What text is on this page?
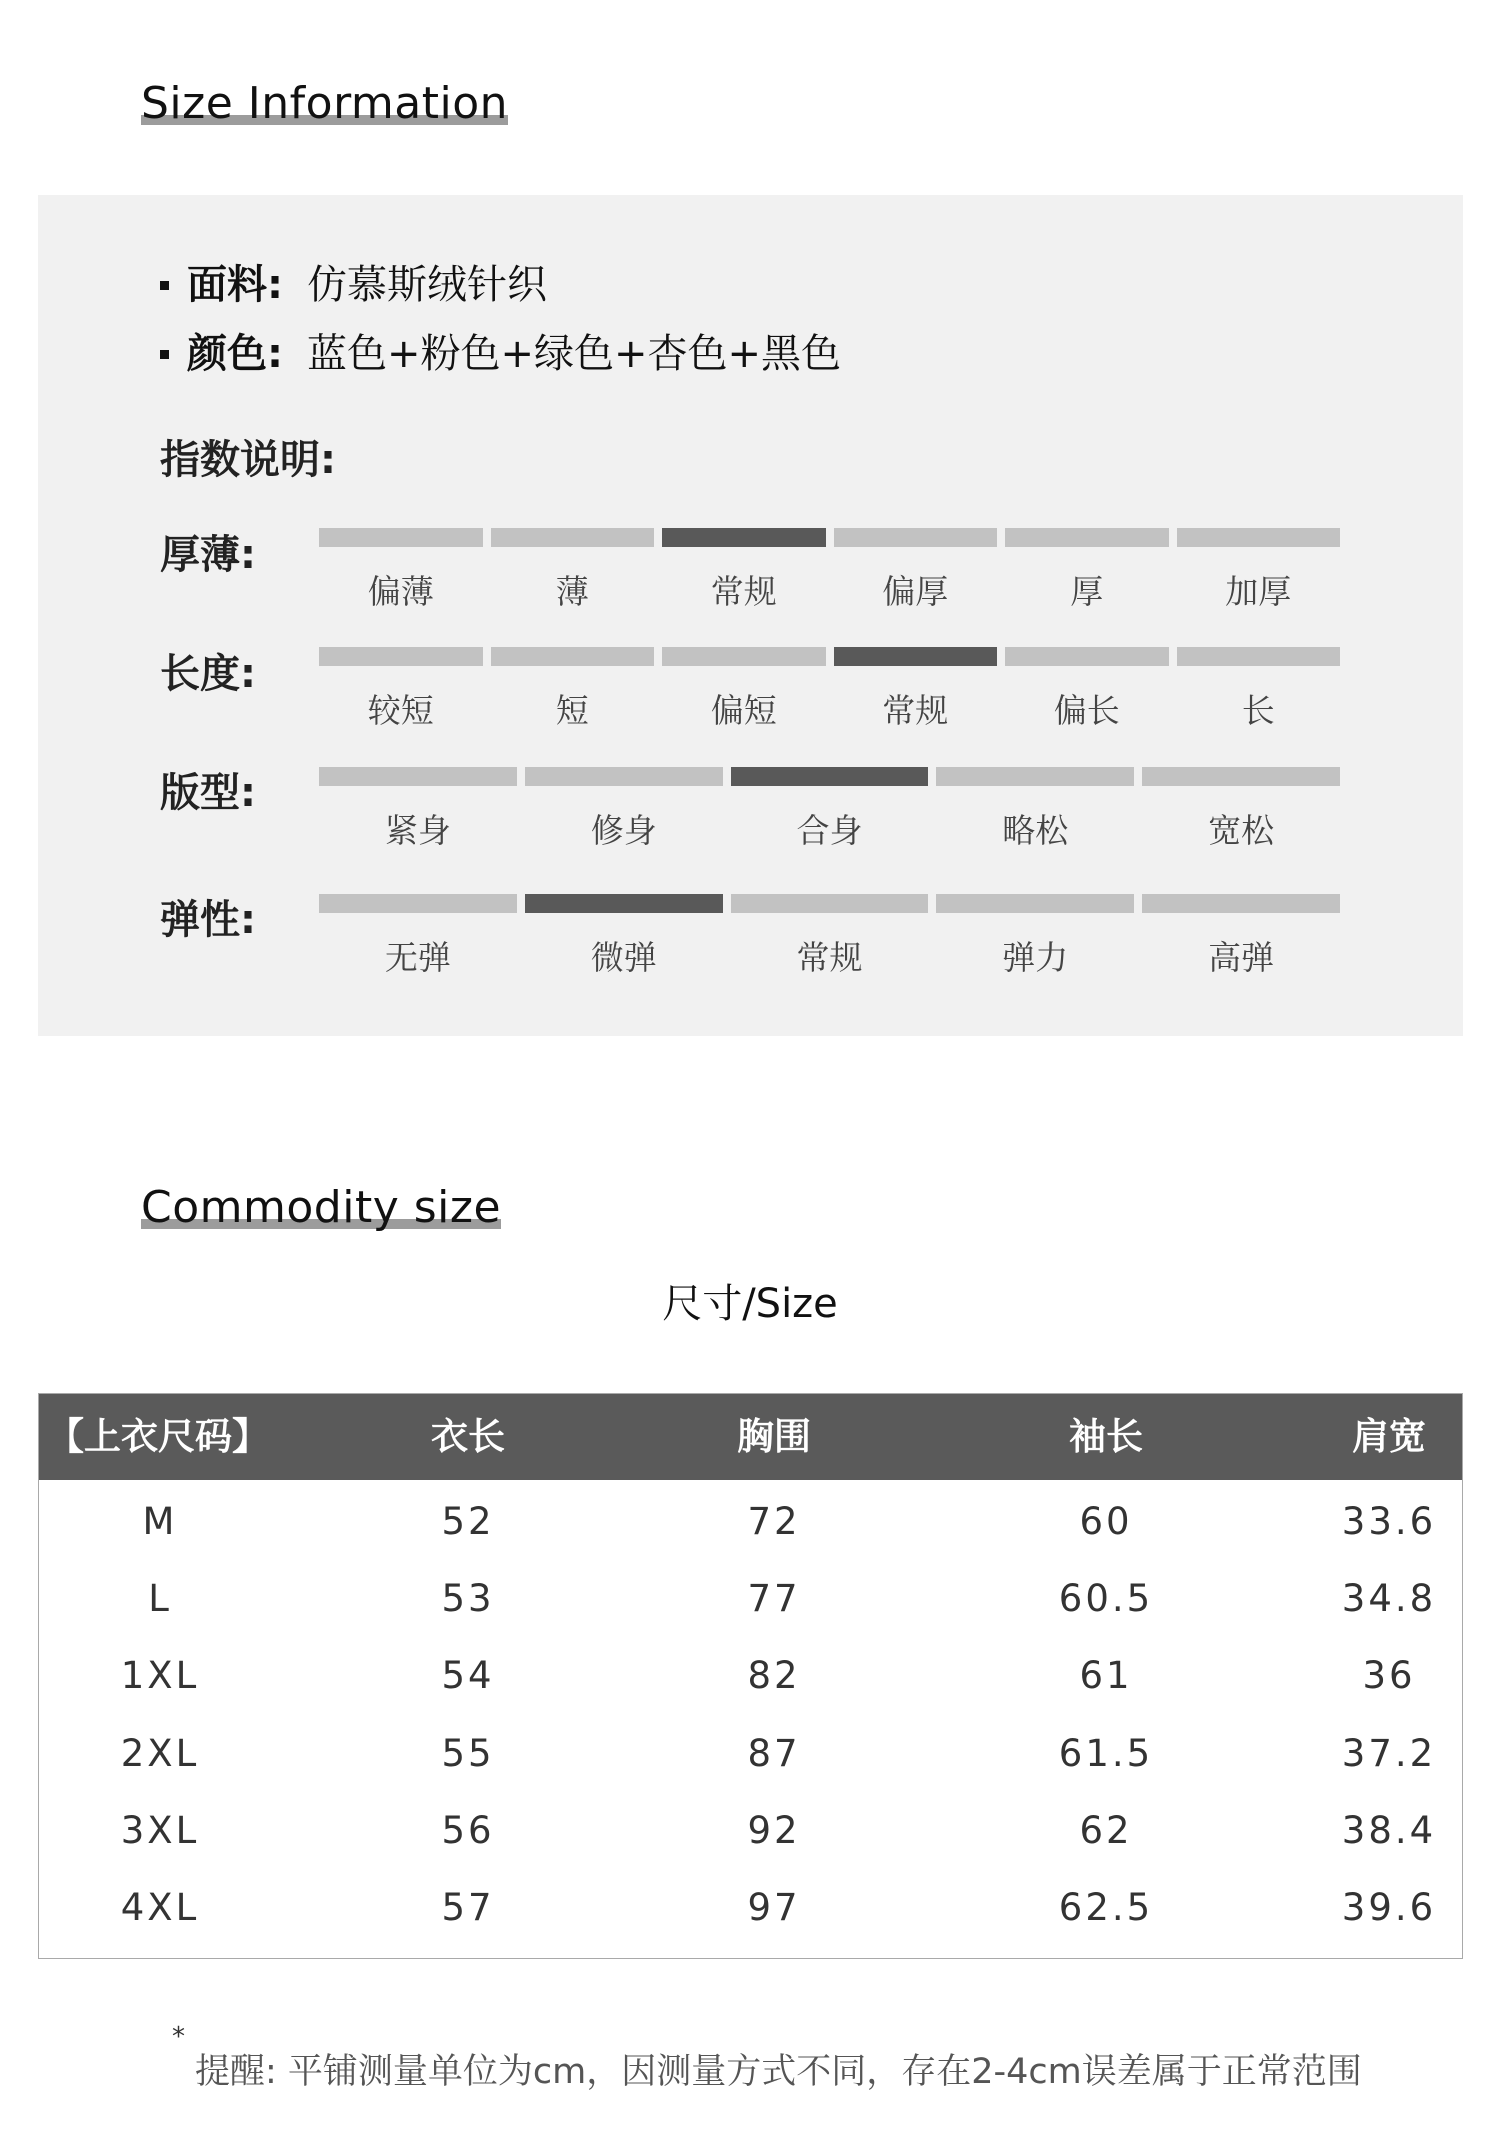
Size Information
面料: 仿慕斯绒针织
颜色: 蓝色+粉色+绿色+杏色+黑色
指数说明:
厚薄:
偏薄	薄	常规	偏厚	厚	加厚
长度:
较短	短	偏短	常规	偏长	长
版型:
紧身	修身	合身	略松	宽松
弹性:
无弹	微弹	常规	弹力	高弹
Commodity size
尺寸/Size
【上衣尺码】	衣长	胸围	袖长	肩宽
M	52	72	60	33.6
L	53	77	60.5	34.8
1XL	54	82	61	36
2XL	55	87	61.5	37.2
3XL	56	92	62	38.4
4XL	57	97	62.5	39.6
*
提醒: 平铺测量单位为cm，因测量方式不同，存在2-4cm误差属于正常范围
